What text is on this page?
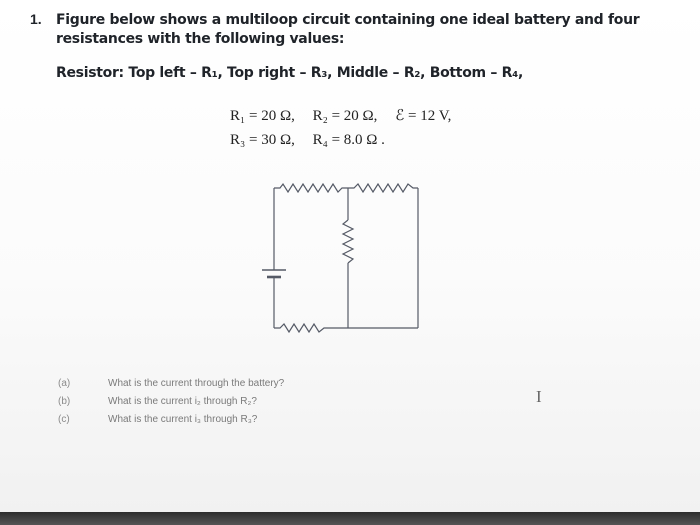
1. Figure below shows a multiloop circuit containing one ideal battery and four
resistances with the following values:
Resistor: Top left – R₁, Top right – R₃, Middle – R₂, Bottom – R₄,
R₁ = 20 Ω, R₂ = 20 Ω, ℰ = 12 V,
R₃ = 30 Ω, R₄ = 8.0 Ω .
(a)	What is the current through the battery?
(b)	What is the current i₂ through R₂?
(c)	What is the current i₃ through R₃?
I
